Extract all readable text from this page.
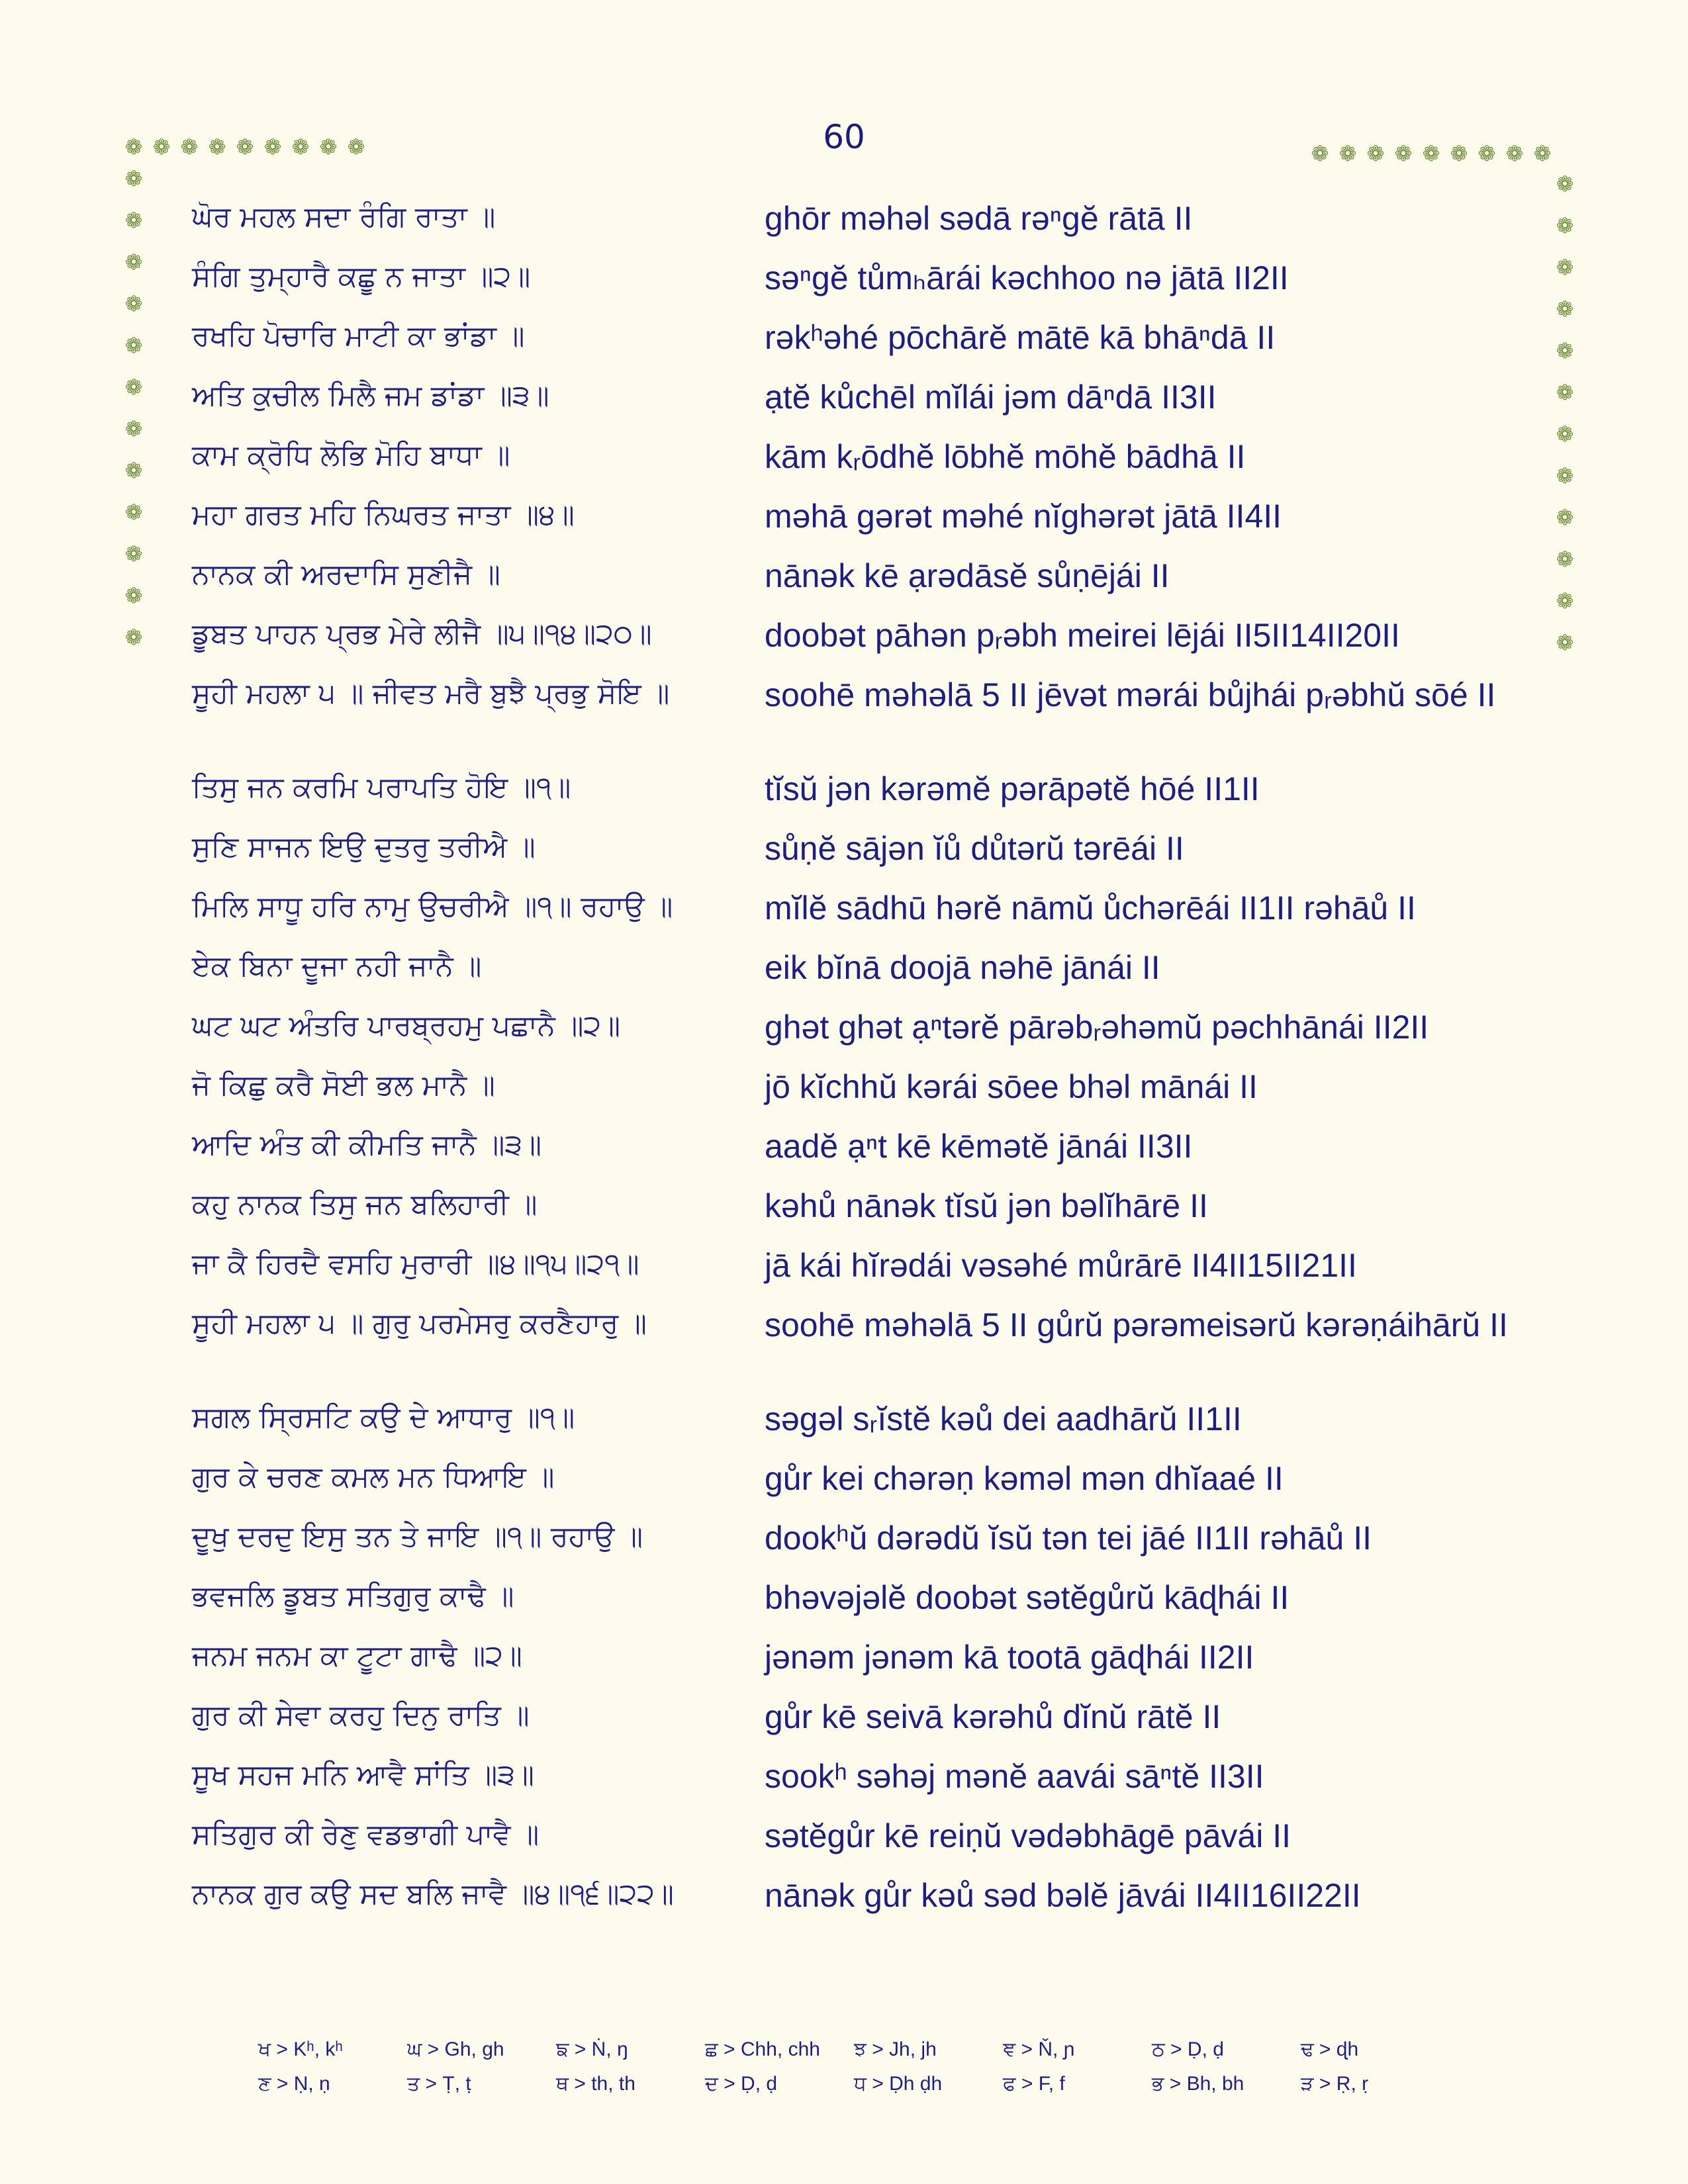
60
❁ ❁ ❁ ❁ ❁ ❁ ❁ ❁ ❁
❁
❁
❁
❁
❁
❁
❁
❁
❁
❁
❁
❁
❁ ❁ ❁ ❁ ❁ ❁ ❁ ❁ ❁
❁
❁
❁
❁
❁
❁
❁
❁
❁
❁
❁
❁
ਘੋਰ ਮਹਲ ਸਦਾ ਰੰਗਿ ਰਾਤਾ ॥	ghōr məhəl sədā rəⁿgĕ rātā II
ਸੰਗਿ ਤੁਮ੍ਹਾਰੈ ਕਛੂ ਨ ਜਾਤਾ ॥੨॥	səⁿgĕ tůmₕārái kəchhoo nə jātā II2II
ਰਖਹਿ ਪੋਚਾਰਿ ਮਾਟੀ ਕਾ ਭਾਂਡਾ ॥	rəkʰəhé pōchārĕ mātē kā bhāⁿdā II
ਅਤਿ ਕੁਚੀਲ ਮਿਲੈ ਜਮ ਡਾਂਡਾ ॥੩॥	ạtĕ kůchēl mĭlái jəm dāⁿdā II3II
ਕਾਮ ਕ੍ਰੋਧਿ ਲੋਭਿ ਮੋਹਿ ਬਾਧਾ ॥	kām kᵣōdhĕ lōbhĕ mōhĕ bādhā II
ਮਹਾ ਗਰਤ ਮਹਿ ਨਿਘਰਤ ਜਾਤਾ ॥੪॥	məhā gərət məhé nĭghərət jātā II4II
ਨਾਨਕ ਕੀ ਅਰਦਾਸਿ ਸੁਣੀਜੈ ॥	nānək kē ạrədāsĕ sůṇējái II
ਡੂਬਤ ਪਾਹਨ ਪ੍ਰਭ ਮੇਰੇ ਲੀਜੈ ॥੫॥੧੪॥੨੦॥	doobət pāhən pᵣəbh meirei lējái II5II14II20II
ਸੂਹੀ ਮਹਲਾ ੫ ॥ ਜੀਵਤ ਮਰੈ ਬੁਝੈ ਪ੍ਰਭੁ ਸੋਇ ॥	soohē məhəlā 5 II jēvət mərái bůjhái pᵣəbhŭ sōé II
ਤਿਸੁ ਜਨ ਕਰਮਿ ਪਰਾਪਤਿ ਹੋਇ ॥੧॥	tĭsŭ jən kərəmĕ pərāpətĕ hōé II1II
ਸੁਣਿ ਸਾਜਨ ਇਉ ਦੁਤਰੁ ਤਰੀਐ ॥	sůṇĕ sājən ĭů důtərŭ tərēái II
ਮਿਲਿ ਸਾਧੂ ਹਰਿ ਨਾਮੁ ਉਚਰੀਐ ॥੧॥ ਰਹਾਉ ॥	mĭlĕ sādhū hərĕ nāmŭ ůchərēái II1II rəhāů II
ਏਕ ਬਿਨਾ ਦੂਜਾ ਨਹੀ ਜਾਨੈ ॥	eik bĭnā doojā nəhē jānái II
ਘਟ ਘਟ ਅੰਤਰਿ ਪਾਰਬ੍ਰਹਮੁ ਪਛਾਨੈ ॥੨॥	ghət ghət ạⁿtərĕ pārəbᵣəhəmŭ pəchhānái II2II
ਜੋ ਕਿਛੁ ਕਰੈ ਸੋਈ ਭਲ ਮਾਨੈ ॥	jō kĭchhŭ kərái sōee bhəl mānái II
ਆਦਿ ਅੰਤ ਕੀ ਕੀਮਤਿ ਜਾਨੈ ॥੩॥	aadĕ ạⁿt kē kēmətĕ jānái II3II
ਕਹੁ ਨਾਨਕ ਤਿਸੁ ਜਨ ਬਲਿਹਾਰੀ ॥	kəhů nānək tĭsŭ jən bəlĭhārē II
ਜਾ ਕੈ ਹਿਰਦੈ ਵਸਹਿ ਮੁਰਾਰੀ ॥੪॥੧੫॥੨੧॥	jā kái hĭrədái vəsəhé můrārē II4II15II21II
ਸੂਹੀ ਮਹਲਾ ੫ ॥ ਗੁਰੁ ਪਰਮੇਸਰੁ ਕਰਣੈਹਾਰੁ ॥	soohē məhəlā 5 II gůrŭ pərəmeisərŭ kərəṇáihārŭ II
ਸਗਲ ਸ੍ਰਿਸਟਿ ਕਉ ਦੇ ਆਧਾਰੁ ॥੧॥	səgəl sᵣĭstĕ kəů dei aadhārŭ II1II
ਗੁਰ ਕੇ ਚਰਣ ਕਮਲ ਮਨ ਧਿਆਇ ॥	gůr kei chərəṇ kəməl mən dhĭaaé II
ਦੂਖੁ ਦਰਦੁ ਇਸੁ ਤਨ ਤੇ ਜਾਇ ॥੧॥ ਰਹਾਉ ॥	dookʰŭ dərədŭ ĭsŭ tən tei jāé II1II rəhāů II
ਭਵਜਲਿ ਡੂਬਤ ਸਤਿਗੁਰੁ ਕਾਢੈ ॥	bhəvəjəlĕ doobət sətĕgůrŭ kāɖhái II
ਜਨਮ ਜਨਮ ਕਾ ਟੂਟਾ ਗਾਢੈ ॥੨॥	jənəm jənəm kā tootā gāɖhái II2II
ਗੁਰ ਕੀ ਸੇਵਾ ਕਰਹੁ ਦਿਨੁ ਰਾਤਿ ॥	gůr kē seivā kərəhů dĭnŭ rātĕ II
ਸੂਖ ਸਹਜ ਮਨਿ ਆਵੈ ਸਾਂਤਿ ॥੩॥	sookʰ səhəj mənĕ aavái sāⁿtĕ II3II
ਸਤਿਗੁਰ ਕੀ ਰੇਣੁ ਵਡਭਾਗੀ ਪਾਵੈ ॥	sətĕgůr kē reiṇŭ vədəbhāgē pāvái II
ਨਾਨਕ ਗੁਰ ਕਉ ਸਦ ਬਲਿ ਜਾਵੈ ॥੪॥੧੬॥੨੨॥	nānək gůr kəů səd bəlĕ jāvái II4II16II22II
ਖ > Kʰ, kʰ	ਘ > Gh, gh	ਙ > Ṅ, ŋ	ਛ > Chh, chh	ਝ > Jh, jh	ਞ > Ň, ɲ	ਠ > Ḍ, ḍ	ਢ > ɖh
ਣ > Ṇ, ṇ	ਤ > Ṭ, ṭ	ਥ > th, th	ਦ > Ḍ, ḍ	ਧ > Ḍh ḍh	ਫ > F, f	ਭ > Bh, bh	ੜ > Ṛ, ṛ
